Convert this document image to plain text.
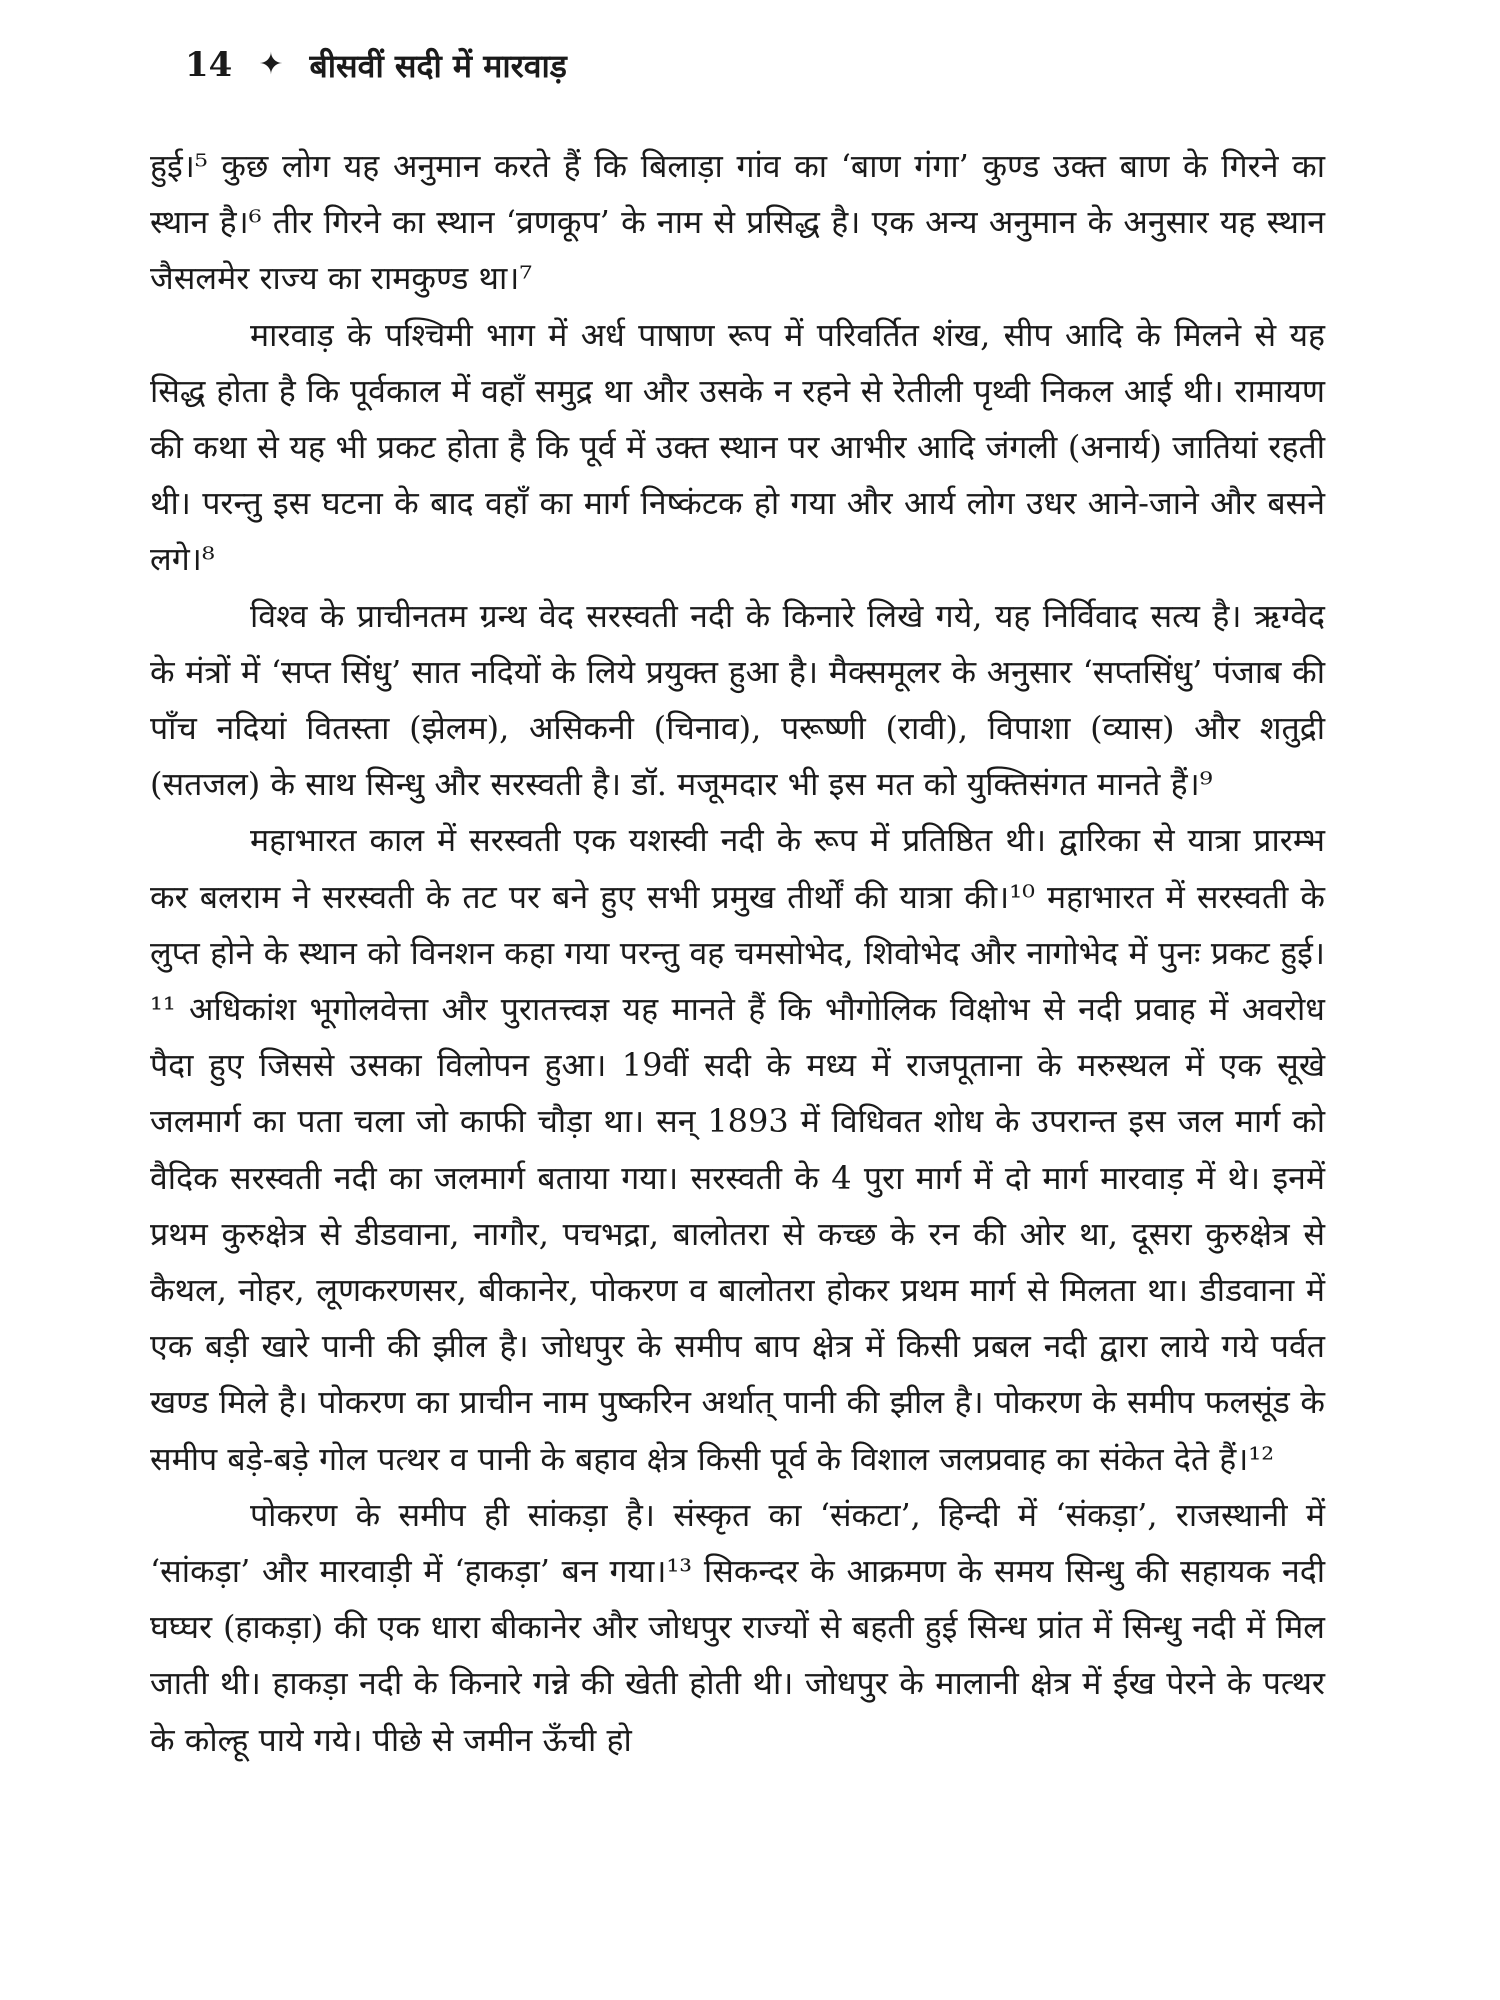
14 ✦ बीसवीं सदी में मारवाड़

हुई।⁵ कुछ लोग यह अनुमान करते हैं कि बिलाड़ा गांव का ‘बाण गंगा’ कुण्ड उक्त बाण के गिरने का स्थान है।⁶ तीर गिरने का स्थान ‘व्रणकूप’ के नाम से प्रसिद्ध है। एक अन्य अनुमान के अनुसार यह स्थान जैसलमेर राज्य का रामकुण्ड था।⁷

मारवाड़ के पश्चिमी भाग में अर्ध पाषाण रूप में परिवर्तित शंख, सीप आदि के मिलने से यह सिद्ध होता है कि पूर्वकाल में वहाँ समुद्र था और उसके न रहने से रेतीली पृथ्वी निकल आई थी। रामायण की कथा से यह भी प्रकट होता है कि पूर्व में उक्त स्थान पर आभीर आदि जंगली (अनार्य) जातियां रहती थी। परन्तु इस घटना के बाद वहाँ का मार्ग निष्कंटक हो गया और आर्य लोग उधर आने-जाने और बसने लगे।⁸

विश्व के प्राचीनतम ग्रन्थ वेद सरस्वती नदी के किनारे लिखे गये, यह निर्विवाद सत्य है। ऋग्वेद के मंत्रों में ‘सप्त सिंधु’ सात नदियों के लिये प्रयुक्त हुआ है। मैक्समूलर के अनुसार ‘सप्तसिंधु’ पंजाब की पाँच नदियां वितस्ता (झेलम), असिकनी (चिनाव), परूष्णी (रावी), विपाशा (व्यास) और शतुद्री (सतजल) के साथ सिन्धु और सरस्वती है। डॉ. मजूमदार भी इस मत को युक्तिसंगत मानते हैं।⁹

महाभारत काल में सरस्वती एक यशस्वी नदी के रूप में प्रतिष्ठित थी। द्वारिका से यात्रा प्रारम्भ कर बलराम ने सरस्वती के तट पर बने हुए सभी प्रमुख तीर्थों की यात्रा की।¹⁰ महाभारत में सरस्वती के लुप्त होने के स्थान को विनशन कहा गया परन्तु वह चमसोभेद, शिवोभेद और नागोभेद में पुनः प्रकट हुई।¹¹ अधिकांश भूगोलवेत्ता और पुरातत्त्वज्ञ यह मानते हैं कि भौगोलिक विक्षोभ से नदी प्रवाह में अवरोध पैदा हुए जिससे उसका विलोपन हुआ। 19वीं सदी के मध्य में राजपूताना के मरुस्थल में एक सूखे जलमार्ग का पता चला जो काफी चौड़ा था। सन् 1893 में विधिवत शोध के उपरान्त इस जल मार्ग को वैदिक सरस्वती नदी का जलमार्ग बताया गया। सरस्वती के 4 पुरा मार्ग में दो मार्ग मारवाड़ में थे। इनमें प्रथम कुरुक्षेत्र से डीडवाना, नागौर, पचभद्रा, बालोतरा से कच्छ के रन की ओर था, दूसरा कुरुक्षेत्र से कैथल, नोहर, लूणकरणसर, बीकानेर, पोकरण व बालोतरा होकर प्रथम मार्ग से मिलता था। डीडवाना में एक बड़ी खारे पानी की झील है। जोधपुर के समीप बाप क्षेत्र में किसी प्रबल नदी द्वारा लाये गये पर्वत खण्ड मिले है। पोकरण का प्राचीन नाम पुष्करिन अर्थात् पानी की झील है। पोकरण के समीप फलसूंड के समीप बड़े-बड़े गोल पत्थर व पानी के बहाव क्षेत्र किसी पूर्व के विशाल जलप्रवाह का संकेत देते हैं।¹²

पोकरण के समीप ही सांकड़ा है। संस्कृत का ‘संकटा’, हिन्दी में ‘संकड़ा’, राजस्थानी में ‘सांकड़ा’ और मारवाड़ी में ‘हाकड़ा’ बन गया।¹³ सिकन्दर के आक्रमण के समय सिन्धु की सहायक नदी घघ्घर (हाकड़ा) की एक धारा बीकानेर और जोधपुर राज्यों से बहती हुई सिन्ध प्रांत में सिन्धु नदी में मिल जाती थी। हाकड़ा नदी के किनारे गन्ने की खेती होती थी। जोधपुर के मालानी क्षेत्र में ईख पेरने के पत्थर के कोल्हू पाये गये। पीछे से जमीन ऊँची हो
